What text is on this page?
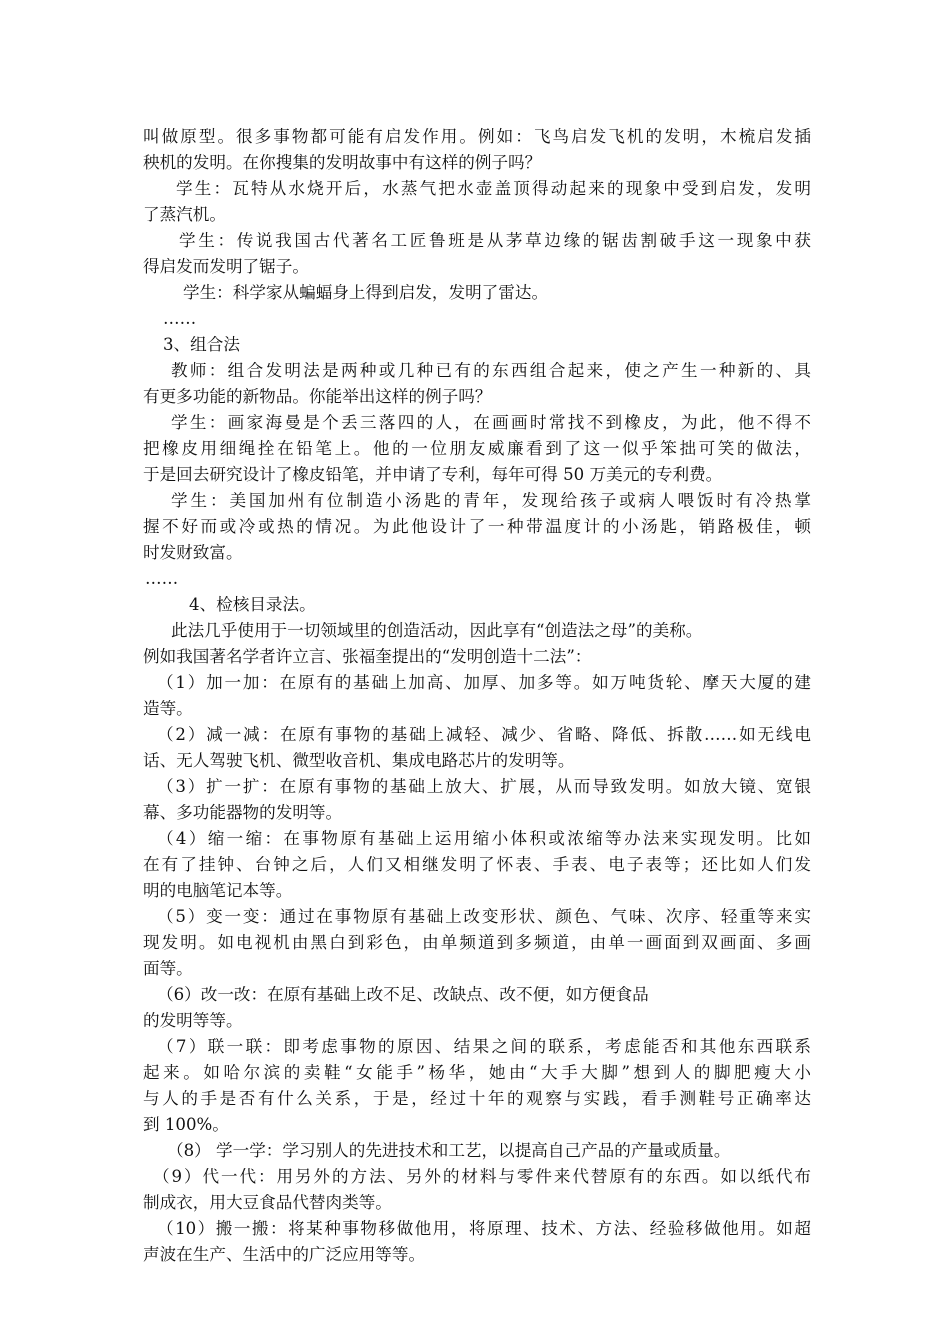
叫做原型。很多事物都可能有启发作用。例如：飞鸟启发飞机的发明，木梳启发插
秧机的发明。在你搜集的发明故事中有这样的例子吗？
学生：瓦特从水烧开后，水蒸气把水壶盖顶得动起来的现象中受到启发，发明
了蒸汽机。
学生：传说我国古代著名工匠鲁班是从茅草边缘的锯齿割破手这一现象中获
得启发而发明了锯子。
学生：科学家从蝙蝠身上得到启发，发明了雷达。
……
3、组合法
教师：组合发明法是两种或几种已有的东西组合起来，使之产生一种新的、具
有更多功能的新物品。你能举出这样的例子吗？
学生：画家海曼是个丢三落四的人，在画画时常找不到橡皮，为此，他不得不
把橡皮用细绳拴在铅笔上。他的一位朋友威廉看到了这一似乎笨拙可笑的做法，
于是回去研究设计了橡皮铅笔，并申请了专利，每年可得 50 万美元的专利费。
学生：美国加州有位制造小汤匙的青年，发现给孩子或病人喂饭时有冷热掌
握不好而或冷或热的情况。为此他设计了一种带温度计的小汤匙，销路极佳，顿
时发财致富。
……
4、检核目录法。
此法几乎使用于一切领域里的创造活动，因此享有“创造法之母”的美称。
例如我国著名学者许立言、张福奎提出的“发明创造十二法”：
（1）加一加：在原有的基础上加高、加厚、加多等。如万吨货轮、摩天大厦的建
造等。
（2）减一减：在原有事物的基础上减轻、减少、省略、降低、拆散……如无线电
话、无人驾驶飞机、微型收音机、集成电路芯片的发明等。
（3）扩一扩：在原有事物的基础上放大、扩展，从而导致发明。如放大镜、宽银
幕、多功能器物的发明等。
（4）缩一缩：在事物原有基础上运用缩小体积或浓缩等办法来实现发明。比如
在有了挂钟、台钟之后，人们又相继发明了怀表、手表、电子表等；还比如人们发
明的电脑笔记本等。
（5）变一变：通过在事物原有基础上改变形状、颜色、气味、次序、轻重等来实
现发明。如电视机由黑白到彩色，由单频道到多频道，由单一画面到双画面、多画
面等。
（6）改一改：在原有基础上改不足、改缺点、改不便，如方便食品
的发明等等。
（7）联一联：即考虑事物的原因、结果之间的联系，考虑能否和其他东西联系
起来。如哈尔滨的卖鞋“女能手”杨华，她由“大手大脚”想到人的脚肥瘦大小
与人的手是否有什么关系，于是，经过十年的观察与实践，看手测鞋号正确率达
到 100%。
（8） 学一学：学习别人的先进技术和工艺，以提高自己产品的产量或质量。
（9）代一代：用另外的方法、另外的材料与零件来代替原有的东西。如以纸代布
制成衣，用大豆食品代替肉类等。
（10）搬一搬：将某种事物移做他用，将原理、技术、方法、经验移做他用。如超
声波在生产、生活中的广泛应用等等。
